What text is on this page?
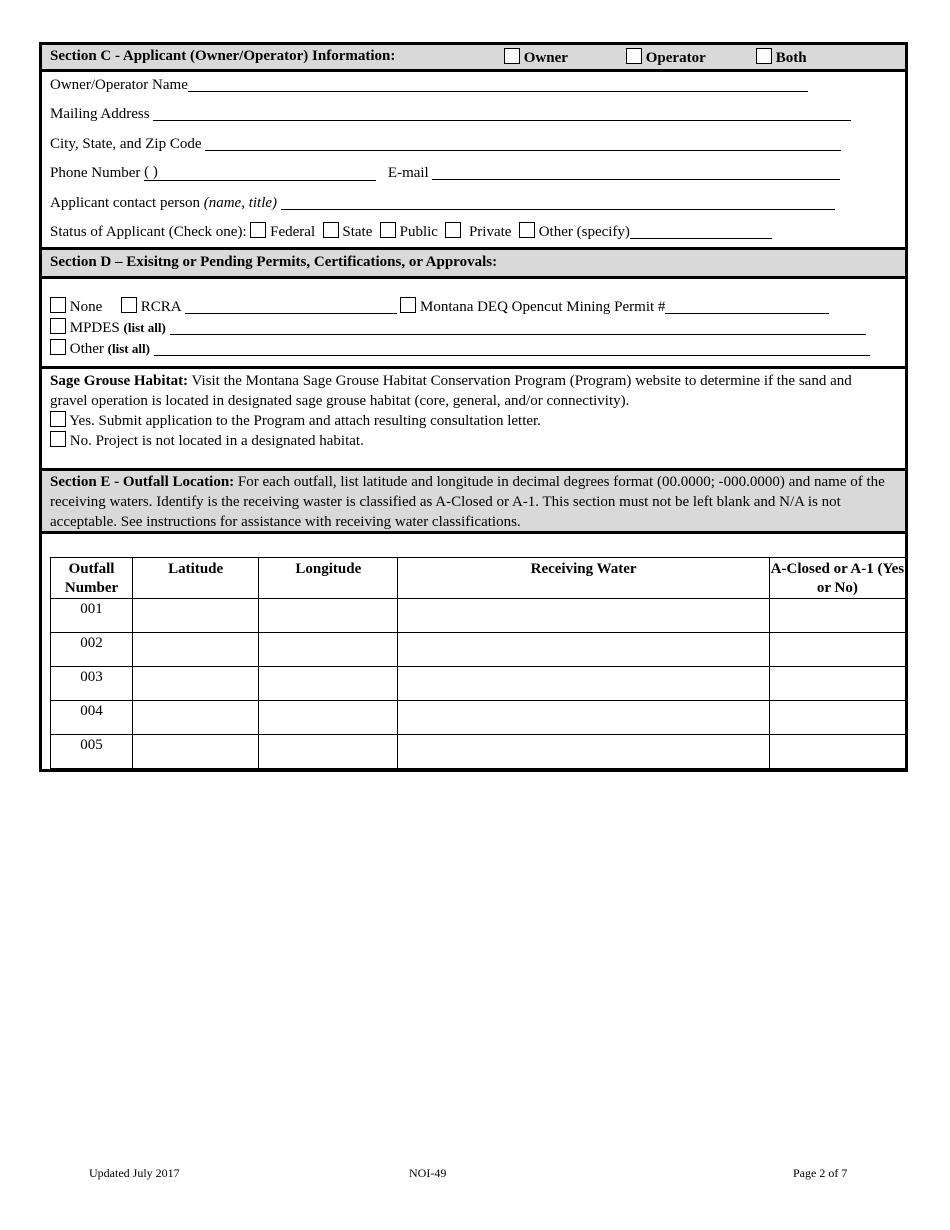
Section C - Applicant (Owner/Operator) Information:	Owner	Operator	Both
Owner/Operator Name
Mailing Address
City, State, and Zip Code
Phone Number ( )	E-mail
Applicant contact person (name, title)
Status of Applicant (Check one): Federal State Public Private Other (specify)
Section D – Exisitng or Pending Permits, Certifications, or Approvals:
None	RCRA	Montana DEQ Opencut Mining Permit #
MPDES (list all)
Other (list all)
Sage Grouse Habitat: Visit the Montana Sage Grouse Habitat Conservation Program (Program) website to determine if the sand and gravel operation is located in designated sage grouse habitat (core, general, and/or connectivity).
Yes. Submit application to the Program and attach resulting consultation letter.
No. Project is not located in a designated habitat.
Section E - Outfall Location: For each outfall, list latitude and longitude in decimal degrees format (00.0000; -000.0000) and name of the receiving waters. Identify is the receiving waster is classified as A-Closed or A-1. This section must not be left blank and N/A is not acceptable. See instructions for assistance with receiving water classifications.
Outfall Number	Latitude	Longitude	Receiving Water	A-Closed or A-1 (Yes or No)
001				
002				
003				
004				
005				
Updated July 2017	NOI-49	Page 2 of 7
